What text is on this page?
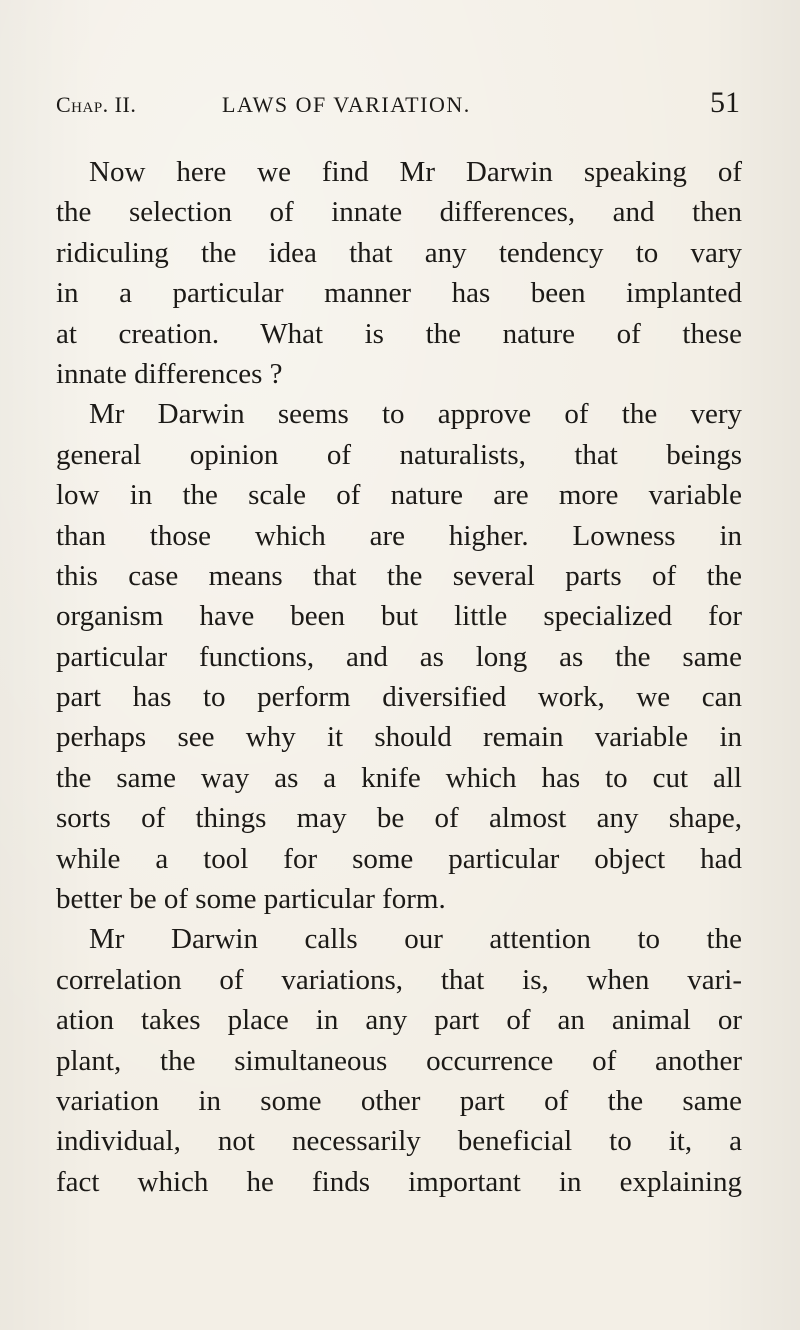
Chap. II.	LAWS OF VARIATION.	51
Now here we find Mr Darwin speaking of
the selection of innate differences, and then
ridiculing the idea that any tendency to vary
in a particular manner has been implanted
at creation. What is the nature of these
innate differences ?
Mr Darwin seems to approve of the very
general opinion of naturalists, that beings
low in the scale of nature are more variable
than those which are higher. Lowness in
this case means that the several parts of the
organism have been but little specialized for
particular functions, and as long as the same
part has to perform diversified work, we can
perhaps see why it should remain variable in
the same way as a knife which has to cut all
sorts of things may be of almost any shape,
while a tool for some particular object had
better be of some particular form.
Mr Darwin calls our attention to the
correlation of variations, that is, when vari-
ation takes place in any part of an animal or
plant, the simultaneous occurrence of another
variation in some other part of the same
individual, not necessarily beneficial to it, a
fact which he finds important in explaining
